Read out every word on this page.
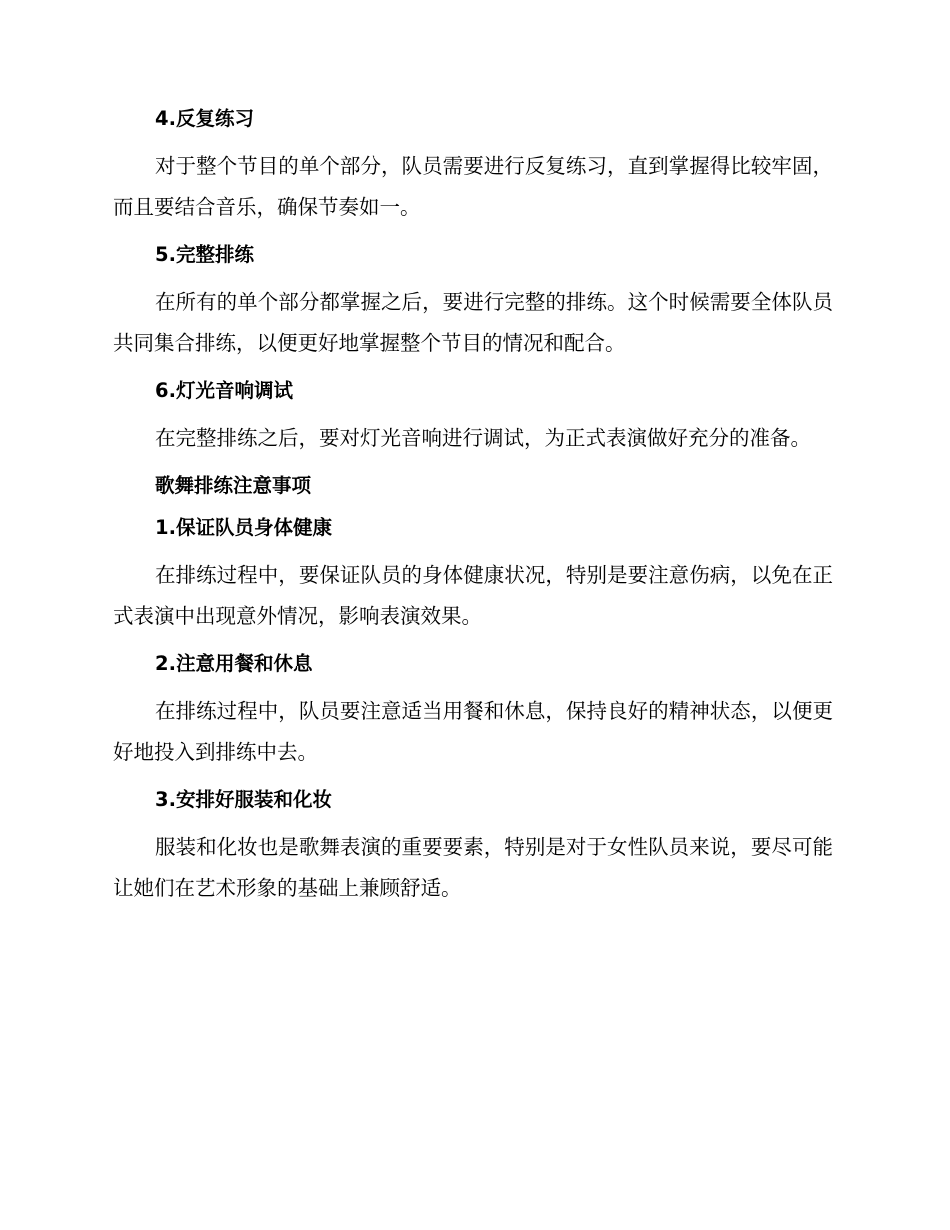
4.反复练习
对于整个节目的单个部分，队员需要进行反复练习，直到掌握得比较牢固，而且要结合音乐，确保节奏如一。
5.完整排练
在所有的单个部分都掌握之后，要进行完整的排练。这个时候需要全体队员共同集合排练，以便更好地掌握整个节目的情况和配合。
6.灯光音响调试
在完整排练之后，要对灯光音响进行调试，为正式表演做好充分的准备。
歌舞排练注意事项
1.保证队员身体健康
在排练过程中，要保证队员的身体健康状况，特别是要注意伤病，以免在正式表演中出现意外情况，影响表演效果。
2.注意用餐和休息
在排练过程中，队员要注意适当用餐和休息，保持良好的精神状态，以便更好地投入到排练中去。
3.安排好服装和化妆
服装和化妆也是歌舞表演的重要要素，特别是对于女性队员来说，要尽可能让她们在艺术形象的基础上兼顾舒适。
